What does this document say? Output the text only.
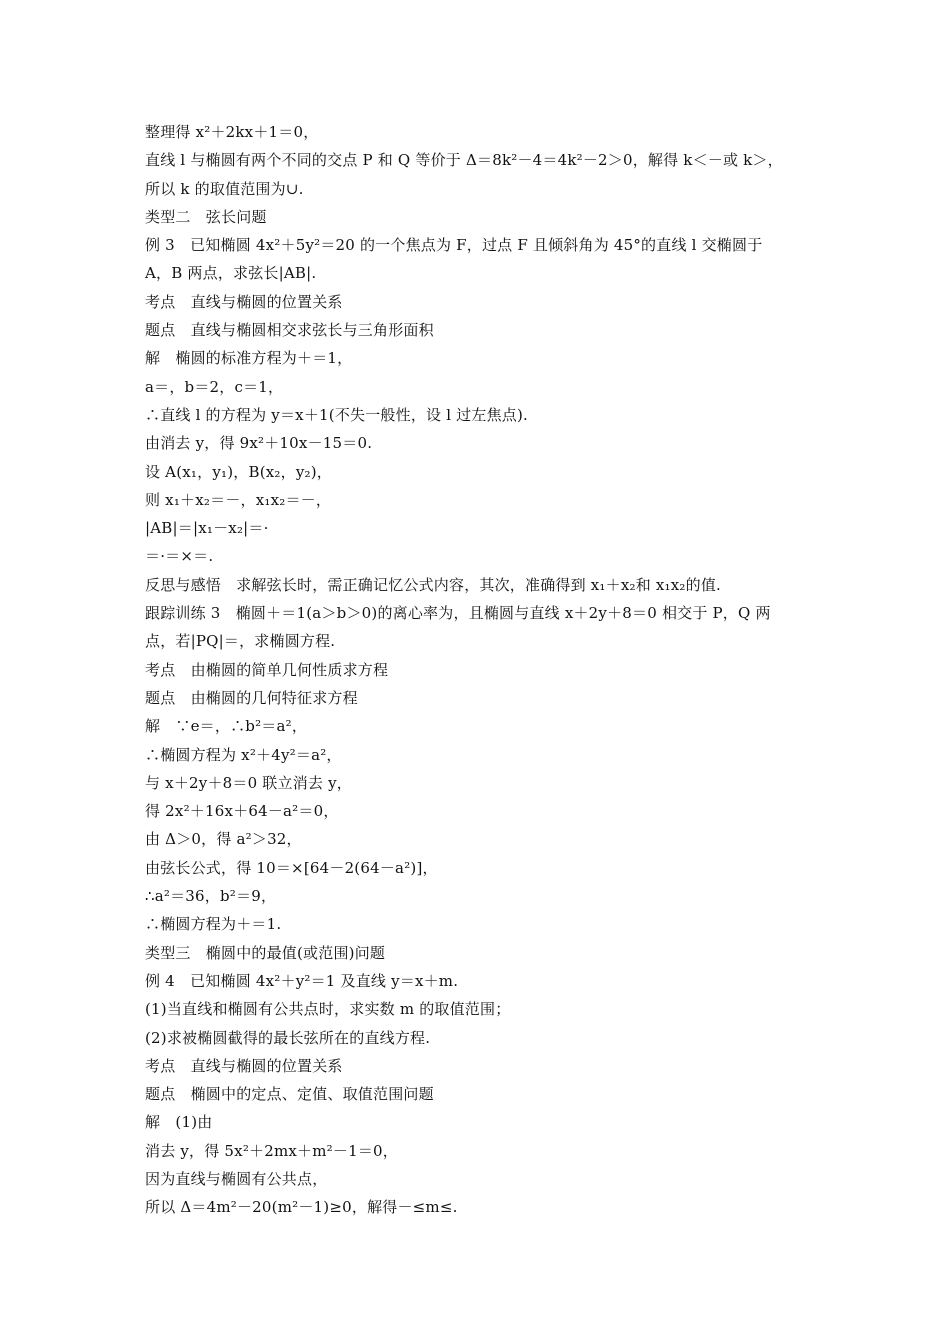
整理得 x²＋2kx＋1＝0，
直线 l 与椭圆有两个不同的交点 P 和 Q 等价于 Δ＝8k²－4＝4k²－2＞0，解得 k＜－或 k＞，
所以 k 的取值范围为∪.
类型二　弦长问题
例 3　已知椭圆 4x²＋5y²＝20 的一个焦点为 F，过点 F 且倾斜角为 45°的直线 l 交椭圆于
A，B 两点，求弦长|AB|.
考点　直线与椭圆的位置关系
题点　直线与椭圆相交求弦长与三角形面积
解　椭圆的标准方程为＋＝1，
a＝，b＝2，c＝1，
∴直线 l 的方程为 y＝x＋1(不失一般性，设 l 过左焦点).
由消去 y，得 9x²＋10x－15＝0.
设 A(x₁，y₁)，B(x₂，y₂)，
则 x₁＋x₂＝－，x₁x₂＝－，
|AB|＝|x₁－x₂|＝·
＝·＝×＝.
反思与感悟　求解弦长时，需正确记忆公式内容，其次，准确得到 x₁＋x₂和 x₁x₂的值.
跟踪训练 3　椭圆＋＝1(a＞b＞0)的离心率为，且椭圆与直线 x＋2y＋8＝0 相交于 P，Q 两
点，若|PQ|＝，求椭圆方程.
考点　由椭圆的简单几何性质求方程
题点　由椭圆的几何特征求方程
解　∵e＝，∴b²＝a²，
∴椭圆方程为 x²＋4y²＝a²，
与 x＋2y＋8＝0 联立消去 y，
得 2x²＋16x＋64－a²＝0，
由 Δ＞0，得 a²＞32，
由弦长公式，得 10＝×[64－2(64－a²)]，
∴a²＝36，b²＝9，
∴椭圆方程为＋＝1.
类型三　椭圆中的最值(或范围)问题
例 4　已知椭圆 4x²＋y²＝1 及直线 y＝x＋m.
(1)当直线和椭圆有公共点时，求实数 m 的取值范围；
(2)求被椭圆截得的最长弦所在的直线方程.
考点　直线与椭圆的位置关系
题点　椭圆中的定点、定值、取值范围问题
解　(1)由
消去 y，得 5x²＋2mx＋m²－1＝0，
因为直线与椭圆有公共点，
所以 Δ＝4m²－20(m²－1)≥0，解得－≤m≤.
